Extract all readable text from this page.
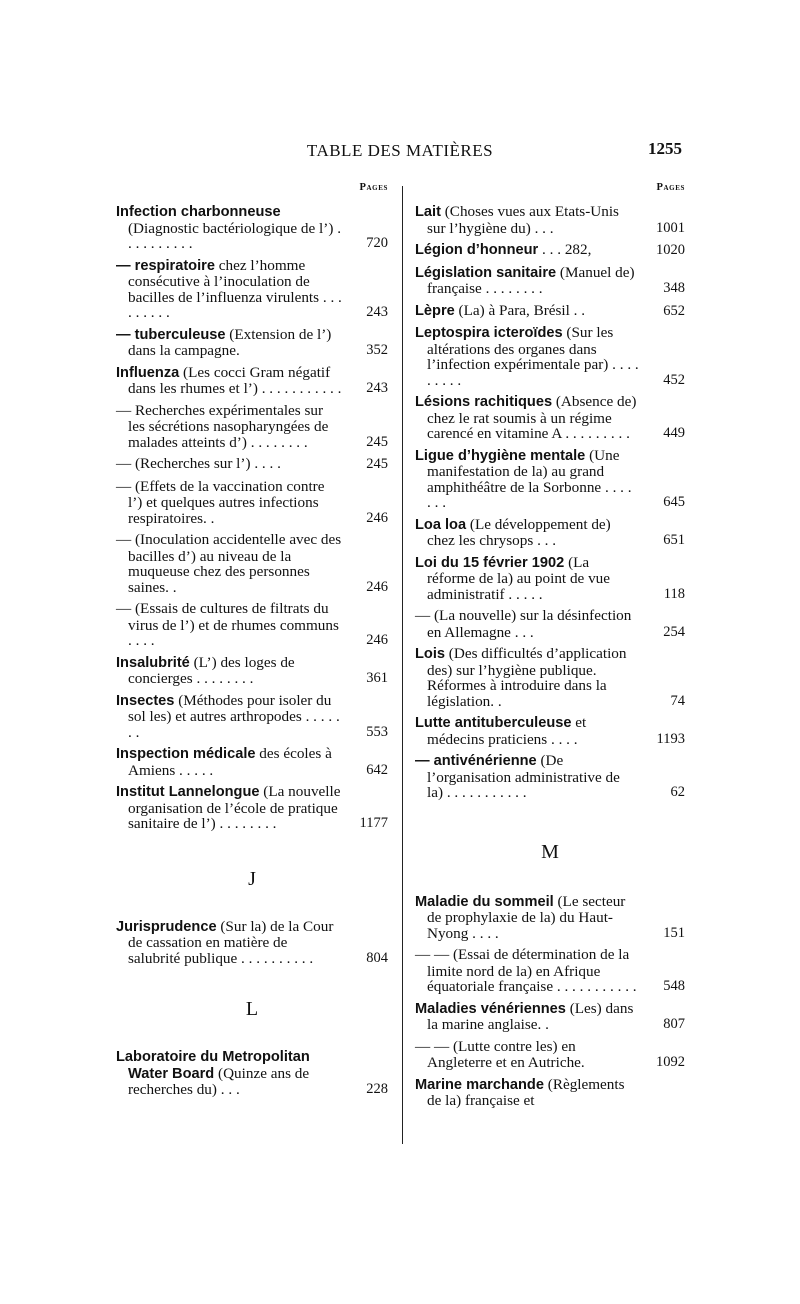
TABLE DES MATIÈRES	1255
Pages
Infection charbonneuse (Diagnostic bactériologique de l’) . . . . . . . . . .	720
— respiratoire chez l’homme consécutive à l’inoculation de bacilles de l’influenza virulents . . . . . . . . .	243
— tuberculeuse (Extension de l’) dans la campagne.	352
Influenza (Les cocci Gram négatif dans les rhumes et l’) . . . . . . . . . . . 243
— Recherches expérimentales sur les sécrétions nasopharyngées de malades atteints d’) . . . . . . . .	245
— (Recherches sur l’) . . . .	245
— (Effets de la vaccination contre l’) et quelques autres infections respiratoires. .	246
— (Inoculation accidentelle avec des bacilles d’) au niveau de la muqueuse chez des personnes saines. .	246
— (Essais de cultures de filtrats du virus de l’) et de rhumes communs . . . .	246
Insalubrité (L’) des loges de concierges . . . . . . . .	361
Insectes (Méthodes pour isoler du sol les) et autres arthropodes . . . . . . .	553
Inspection médicale des écoles à Amiens . . . . .	642
Institut Lannelongue (La nouvelle organisation de l’école de pratique sanitaire de l’) . . . . . . . .	1177
J
Jurisprudence (Sur la) de la Cour de cassation en matière de salubrité publique . . . . . . . . . .	804
L
Laboratoire du Metropolitan Water Board (Quinze ans de recherches du) . . .	228
Pages
Lait (Choses vues aux Etats-Unis sur l’hygiène du) . . .	1001
Légion d’honneur . . . 282,	1020
Législation sanitaire (Manuel de) française . . . . . . . .	348
Lèpre (La) à Para, Brésil . .	652
Leptospira icteroïdes (Sur les altérations des organes dans l’infection expérimentale par) . . . . . . . . .	452
Lésions rachitiques (Absence de) chez le rat soumis à un régime carencé en vitamine A . . . . . . . . . 449
Ligue d’hygiène mentale (Une manifestation de la) au grand amphithéâtre de la Sorbonne . . . . . . .	645
Loa loa (Le développement de) chez les chrysops . . .	651
Loi du 15 février 1902 (La réforme de la) au point de vue administratif . . . . .	118
— (La nouvelle) sur la désinfection en Allemagne . . .	254
Lois (Des difficultés d’application des) sur l’hygiène publique. Réformes à introduire dans la législation. .	74
Lutte antituberculeuse et médecins praticiens . . . .	1193
— antivénérienne (De l’organisation administrative de la) . . . . . . . . . . .	62
M
Maladie du sommeil (Le secteur de prophylaxie de la) du Haut-Nyong . . . .	151
— — (Essai de détermination de la limite nord de la) en Afrique équatoriale française . . . . . . . . . . . 548
Maladies vénériennes (Les) dans la marine anglaise. .	807
— — (Lutte contre les) en Angleterre et en Autriche.	1092
Marine marchande (Règlements de la) française et
